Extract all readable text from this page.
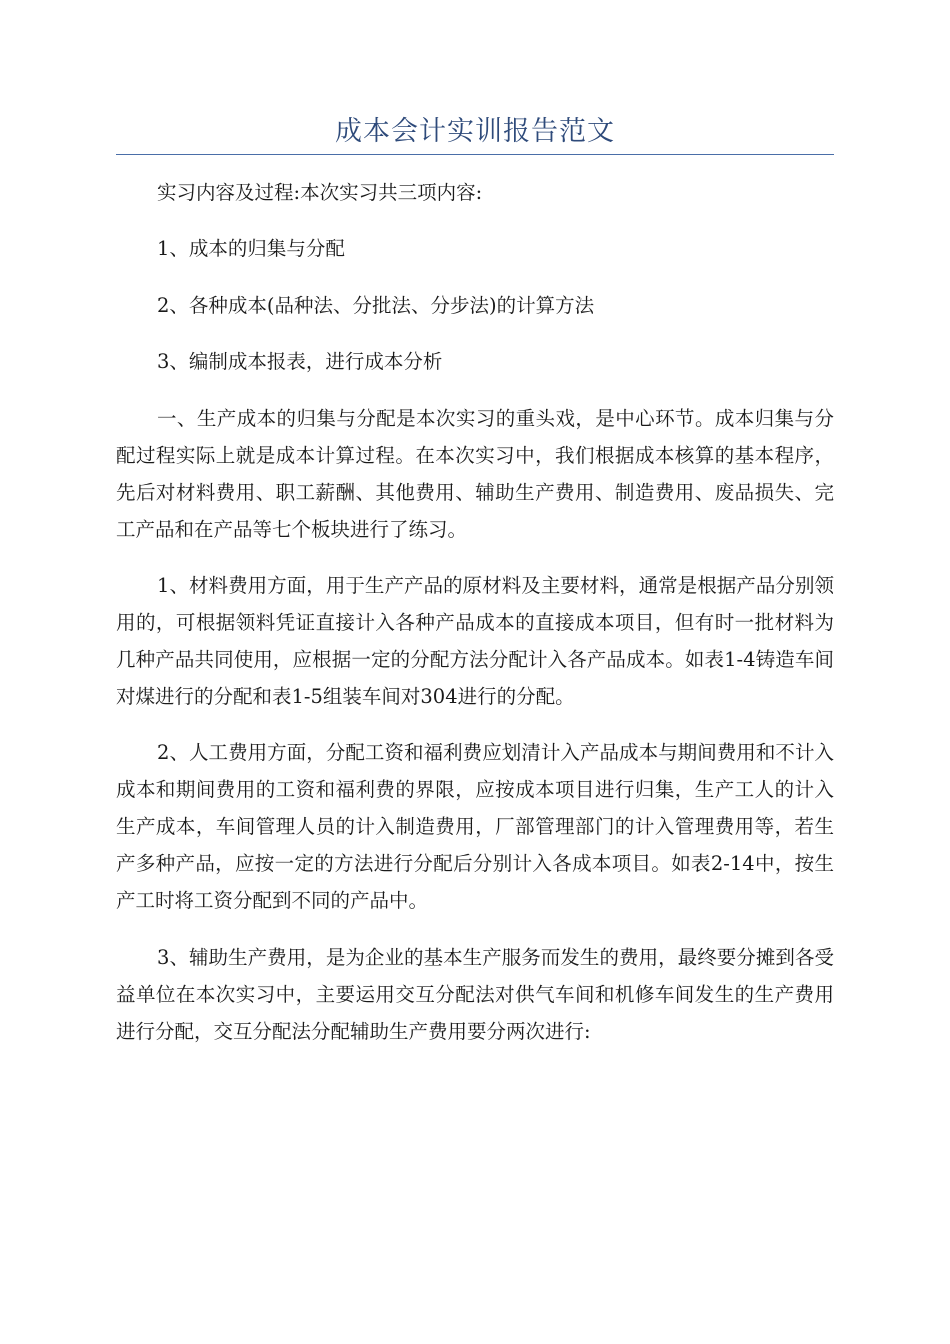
成本会计实训报告范文

实习内容及过程:本次实习共三项内容:

1、成本的归集与分配

2、各种成本(品种法、分批法、分步法)的计算方法

3、编制成本报表，进行成本分析

一、生产成本的归集与分配是本次实习的重头戏，是中心环节。成本归集与分配过程实际上就是成本计算过程。在本次实习中，我们根据成本核算的基本程序，先后对材料费用、职工薪酬、其他费用、辅助生产费用、制造费用、废品损失、完工产品和在产品等七个板块进行了练习。

1、材料费用方面，用于生产产品的原材料及主要材料，通常是根据产品分别领用的，可根据领料凭证直接计入各种产品成本的直接成本项目，但有时一批材料为几种产品共同使用，应根据一定的分配方法分配计入各产品成本。如表1-4铸造车间对煤进行的分配和表1-5组装车间对304进行的分配。

2、人工费用方面，分配工资和福利费应划清计入产品成本与期间费用和不计入成本和期间费用的工资和福利费的界限，应按成本项目进行归集，生产工人的计入生产成本，车间管理人员的计入制造费用，厂部管理部门的计入管理费用等，若生产多种产品，应按一定的方法进行分配后分别计入各成本项目。如表2-14中，按生产工时将工资分配到不同的产品中。

3、辅助生产费用，是为企业的基本生产服务而发生的费用，最终要分摊到各受益单位在本次实习中，主要运用交互分配法对供气车间和机修车间发生的生产费用进行分配，交互分配法分配辅助生产费用要分两次进行:
